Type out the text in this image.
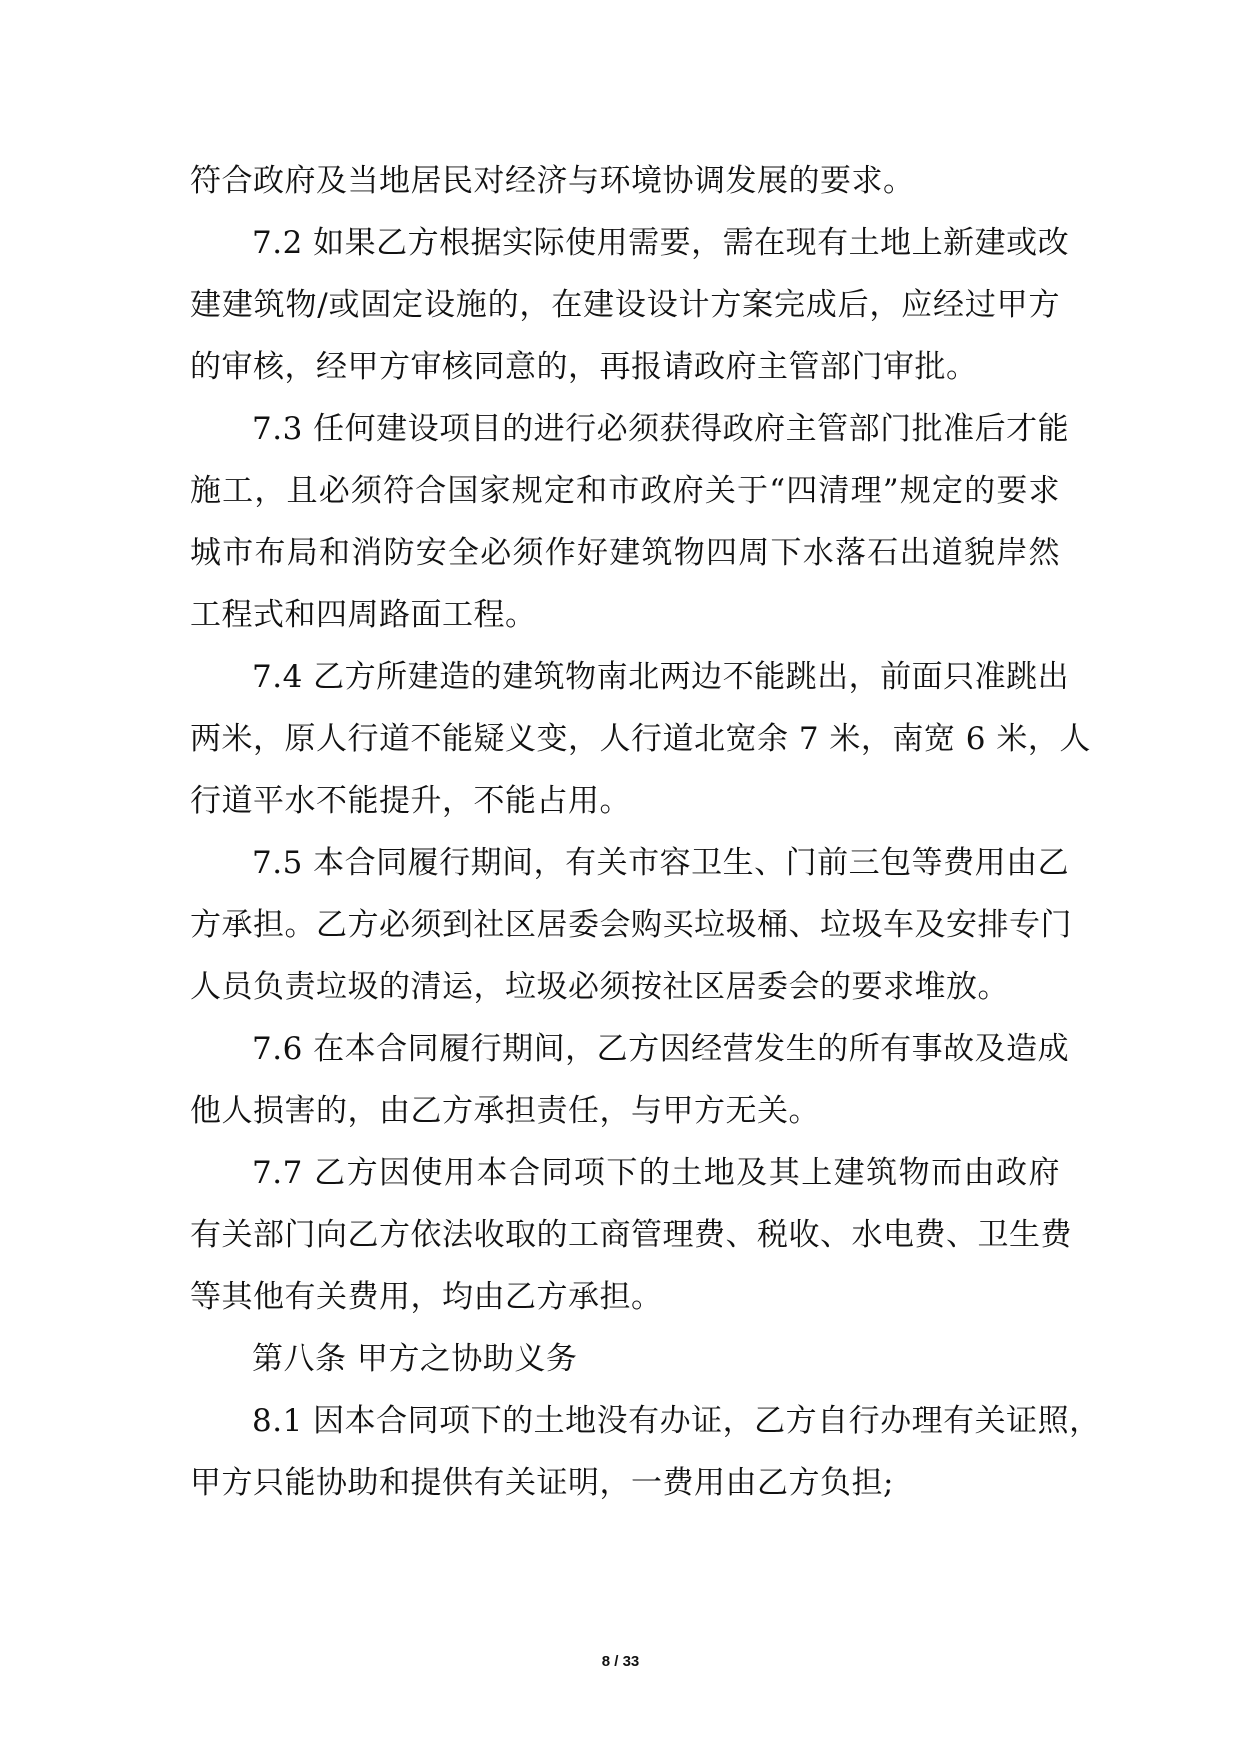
符合政府及当地居民对经济与环境协调发展的要求。
7.2 如果乙方根据实际使用需要，需在现有土地上新建或改
建建筑物/或固定设施的，在建设设计方案完成后，应经过甲方
的审核，经甲方审核同意的，再报请政府主管部门审批。
7.3 任何建设项目的进行必须获得政府主管部门批准后才能
施工，且必须符合国家规定和市政府关于“四清理”规定的要求
城市布局和消防安全必须作好建筑物四周下水落石出道貌岸然
工程式和四周路面工程。
7.4 乙方所建造的建筑物南北两边不能跳出，前面只准跳出
两米，原人行道不能疑义变，人行道北宽余 7 米，南宽 6 米，人
行道平水不能提升，不能占用。
7.5 本合同履行期间，有关市容卫生、门前三包等费用由乙
方承担。乙方必须到社区居委会购买垃圾桶、垃圾车及安排专门
人员负责垃圾的清运，垃圾必须按社区居委会的要求堆放。
7.6 在本合同履行期间，乙方因经营发生的所有事故及造成
他人损害的，由乙方承担责任，与甲方无关。
7.7 乙方因使用本合同项下的土地及其上建筑物而由政府
有关部门向乙方依法收取的工商管理费、税收、水电费、卫生费
等其他有关费用，均由乙方承担。
第八条 甲方之协助义务
8.1 因本合同项下的土地没有办证，乙方自行办理有关证照，
甲方只能协助和提供有关证明，一费用由乙方负担;
8 / 33
